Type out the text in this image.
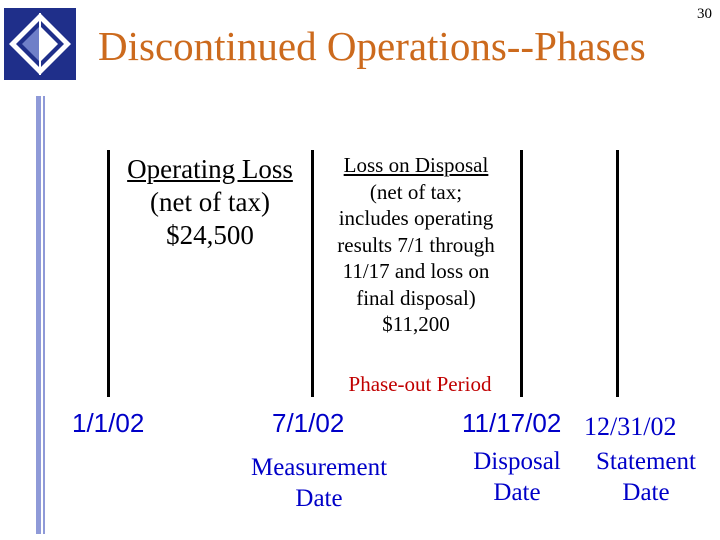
Discontinued Operations--Phases
30
Operating Loss
(net of tax)
$24,500
Loss on Disposal
(net of tax;
includes operating
results 7/1 through
11/17 and loss on
final disposal)
$11,200
Phase-out Period
1/1/02	7/1/02	11/17/02 12/31/02
Measurement
Date
Disposal
Date
Statement
Date
